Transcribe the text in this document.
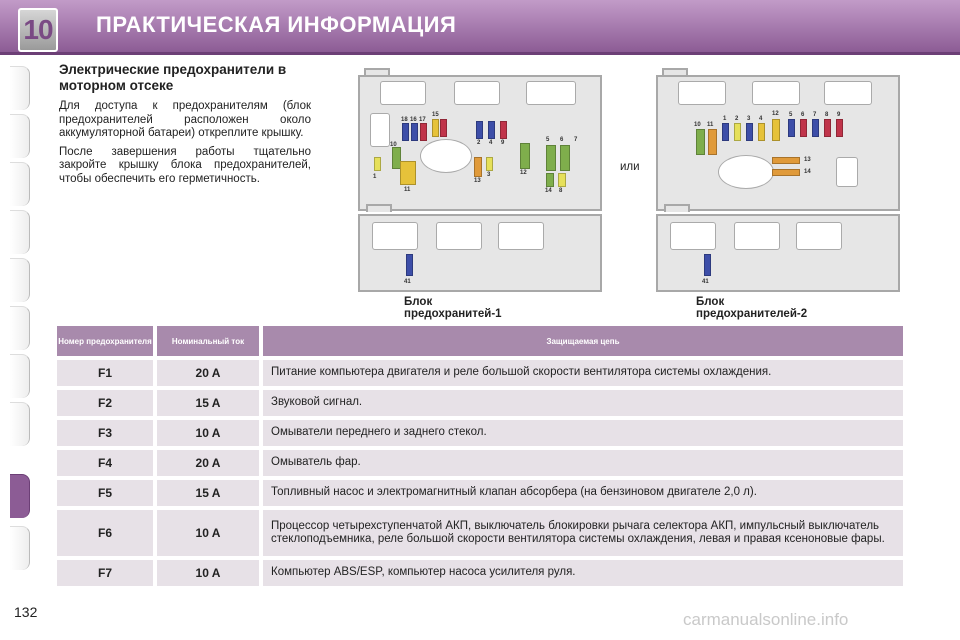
10 ПРАКТИЧЕСКАЯ ИНФОРМАЦИЯ
Электрические предохранители в моторном отсеке

Для доступа к предохранителям (блок предохранителей расположен около аккумуляторной батареи) откреплите крышку.

После завершения работы тщательно закройте крышку блока предохранителей, чтобы обеспечить его герметичность.	1
10
18 16 17
15
11
2 4 9
13
3
5 6 7
12
14 8
41
Блок предохранитей-1
или
10 11
1 2 3 4
12 5 6 7 8 9
13
14
41
Блок предохранителей-2
Номер предохранителя	Номинальный ток	Защищаемая цепь
F1	20 A	Питание компьютера двигателя и реле большой скорости вентилятора системы охлаждения.
F2	15 A	Звуковой сигнал.
F3	10 A	Омыватели переднего и заднего стекол.
F4	20 A	Омыватель фар.
F5	15 A	Топливный насос и электромагнитный клапан абсорбера (на бензиновом двигателе 2,0 л).
F6	10 A	Процессор четырехступенчатой АКП, выключатель блокировки рычага селектора АКП, импульсный выключатель стеклоподъемника, реле большой скорости вентилятора системы охлаждения, левая и правая ксеноновые фары.
F7	10 A	Компьютер ABS/ESP, компьютер насоса усилителя руля.
132	carmanualsonline.info
